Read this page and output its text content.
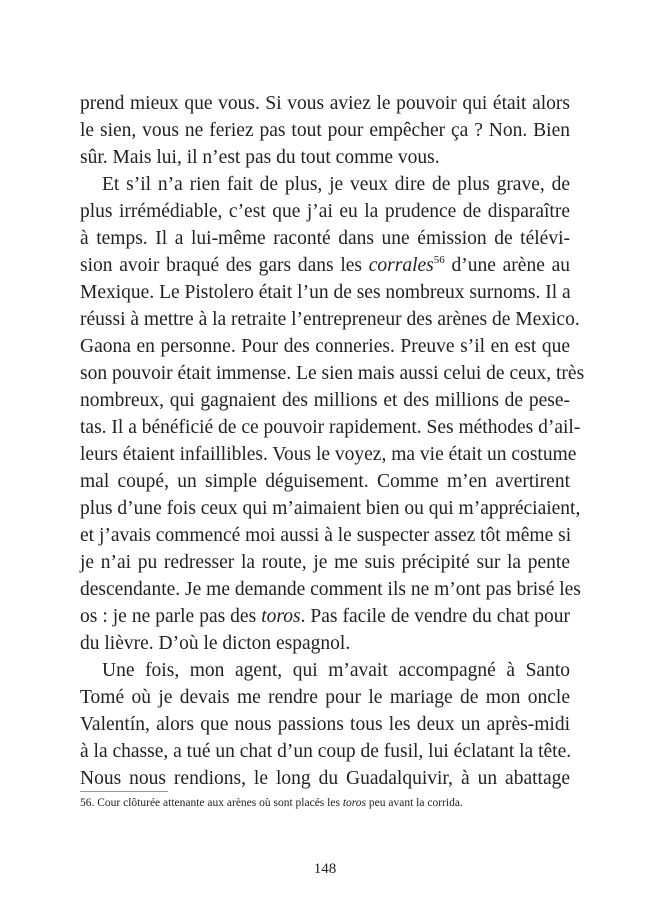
prend mieux que vous. Si vous aviez le pouvoir qui était alors
le sien, vous ne feriez pas tout pour empêcher ça ? Non. Bien
sûr. Mais lui, il n’est pas du tout comme vous.
Et s’il n’a rien fait de plus, je veux dire de plus grave, de
plus irrémédiable, c’est que j’ai eu la prudence de disparaître
à temps. Il a lui-même raconté dans une émission de télévi-
sion avoir braqué des gars dans les corrales$^{56}$ d’une arène au
Mexique. Le Pistolero était l’un de ses nombreux surnoms. Il a
réussi à mettre à la retraite l’entrepreneur des arènes de Mexico.
Gaona en personne. Pour des conneries. Preuve s’il en est que
son pouvoir était immense. Le sien mais aussi celui de ceux, très
nombreux, qui gagnaient des millions et des millions de pese-
tas. Il a bénéficié de ce pouvoir rapidement. Ses méthodes d’ail-
leurs étaient infaillibles. Vous le voyez, ma vie était un costume
mal coupé, un simple déguisement. Comme m’en avertirent
plus d’une fois ceux qui m’aimaient bien ou qui m’appréciaient,
et j’avais commencé moi aussi à le suspecter assez tôt même si
je n’ai pu redresser la route, je me suis précipité sur la pente
descendante. Je me demande comment ils ne m’ont pas brisé les
os : je ne parle pas des toros. Pas facile de vendre du chat pour
du lièvre. D’où le dicton espagnol.
Une fois, mon agent, qui m’avait accompagné à Santo
Tomé où je devais me rendre pour le mariage de mon oncle
Valentín, alors que nous passions tous les deux un après-midi
à la chasse, a tué un chat d’un coup de fusil, lui éclatant la tête.
Nous nous rendions, le long du Guadalquivir, à un abattage
56. Cour clôturée attenante aux arènes où sont placés les toros peu avant la corrida.
148
